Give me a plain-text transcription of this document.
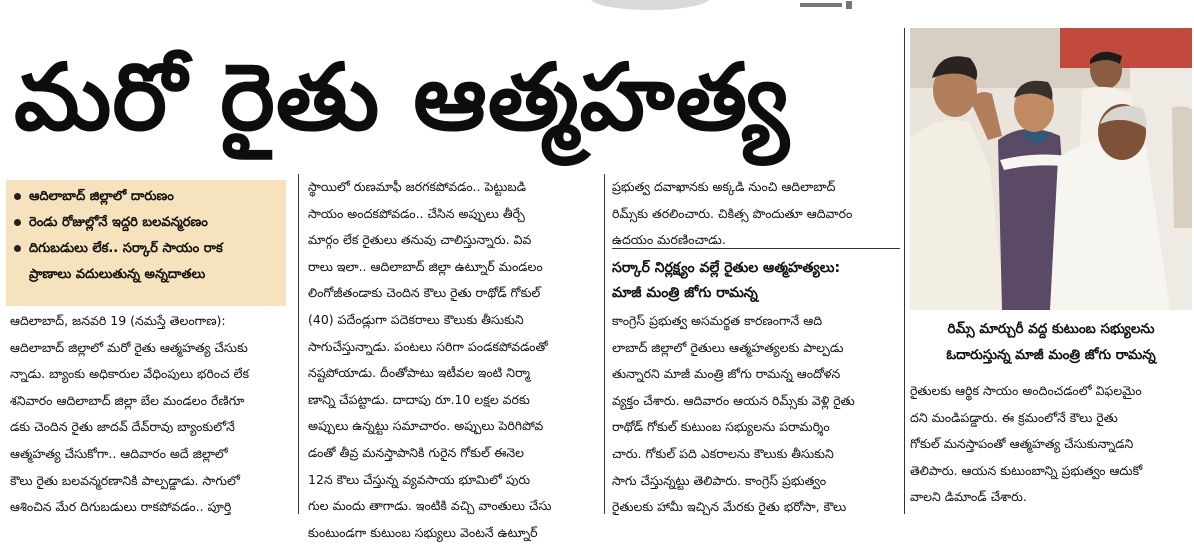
మరో రైతు ఆత్మహత్య
ఆదిలాబాద్ జిల్లాలో దారుణం
రెండు రోజుల్లోనే ఇద్దరి బలవన్మరణం
దిగుబడులు లేక.. సర్కార్ సాయం రాక
ప్రాణాలు వదులుతున్న అన్నదాతలు

ఆదిలాబాద్, జనవరి 19 (నమస్తే తెలంగాణ):

ఆదిలాబాద్ జిల్లాలో మరో రైతు ఆత్మహత్య చేసుకు

న్నాడు. బ్యాంకు అధికారుల వేధింపులు భరించ లేక

శనివారం ఆదిలాబాద్ జిల్లా బేల మండలం రేణిగూ

డకు చెందిన రైతు జాదవ్ దేవ్‌రావు బ్యాంకులోనే

ఆత్మహత్య చేసుకోగా.. ఆదివారం అదే జిల్లాలో

కౌలు రైతు బలవన్మరణానికి పాల్పడ్డాడు. సాగులో

ఆశించిన మేర దిగుబడులు రాకపోవడం.. పూర్తి

స్థాయిలో రుణమాఫీ జరగకపోవడం.. పెట్టుబడి

సాయం అందకపోవడం.. చేసిన అప్పులు తీర్చే

మార్గం లేక రైతులు తనువు చాలిస్తున్నారు. వివ

రాలు ఇలా.. ఆదిలాబాద్ జిల్లా ఉట్నూర్ మండలం

లింగోజీతండాకు చెందిన కౌలు రైతు రాథోడ్ గోకుల్

(40) పదేండ్లుగా పదెకరాలు కౌలుకు తీసుకుని

సాగుచేస్తున్నాడు. పంటలు సరిగా పండకపోవడంతో

నష్టపోయాడు. దీంతోపాటు ఇటీవల ఇంటి నిర్మా

ణాన్ని చేపట్టాడు. దాదాపు రూ.10 లక్షల వరకు

అప్పులు ఉన్నట్టు సమాచారం. అప్పులు పెరిగిపోవ

డంతో తీవ్ర మనస్తాపానికి గురైన గోకుల్ ఈనెల

12న కౌలు చేస్తున్న వ్యవసాయ భూమిలో పురు

గుల మందు తాగాడు. ఇంటికి వచ్చి వాంతులు చేసు

కుంటుండగా కుటుంబ సభ్యులు వెంటనే ఉట్నూర్

ప్రభుత్వ దవాఖానకు అక్కడి నుంచి ఆదిలాబాద్

రిమ్స్‌కు తరలించారు. చికిత్స పొందుతూ ఆదివారం

ఉదయం మరణించాడు.

సర్కార్ నిర్లక్ష్యం వల్లే రైతుల ఆత్మహత్యలు:
మాజీ మంత్రి జోగు రామన్న

కాంగ్రెస్ ప్రభుత్వ అసమర్థత కారణంగానే ఆది

లాబాద్ జిల్లాలో రైతులు ఆత్మహత్యలకు పాల్పడు

తున్నారని మాజీ మంత్రి జోగు రామన్న ఆందోళన

వ్యక్తం చేశారు. ఆదివారం ఆయన రిమ్స్‌కు వెళ్లి రైతు

రాథోడ్ గోకుల్ కుటుంబ సభ్యులను పరామర్శిం

చారు. గోకుల్ పది ఎకరాలను కౌలుకు తీసుకుని

సాగు చేస్తున్నట్టు తెలిపారు. కాంగ్రెస్ ప్రభుత్వం

రైతులకు హామీ ఇచ్చిన మేరకు రైతు భరోసా, కౌలు

రిమ్స్ మార్చురీ వద్ద కుటుంబ సభ్యులను
ఓదారుస్తున్న మాజీ మంత్రి జోగు రామన్న

రైతులకు ఆర్థిక సాయం అందించడంలో విఫలమైం

దని మండిపడ్డారు. ఈ క్రమంలోనే కౌలు రైతు

గోకుల్ మనస్తాపంతో ఆత్మహత్య చేసుకున్నాడని

తెలిపారు. ఆయన కుటుంబాన్ని ప్రభుత్వం ఆదుకో

వాలని డిమాండ్ చేశారు.
